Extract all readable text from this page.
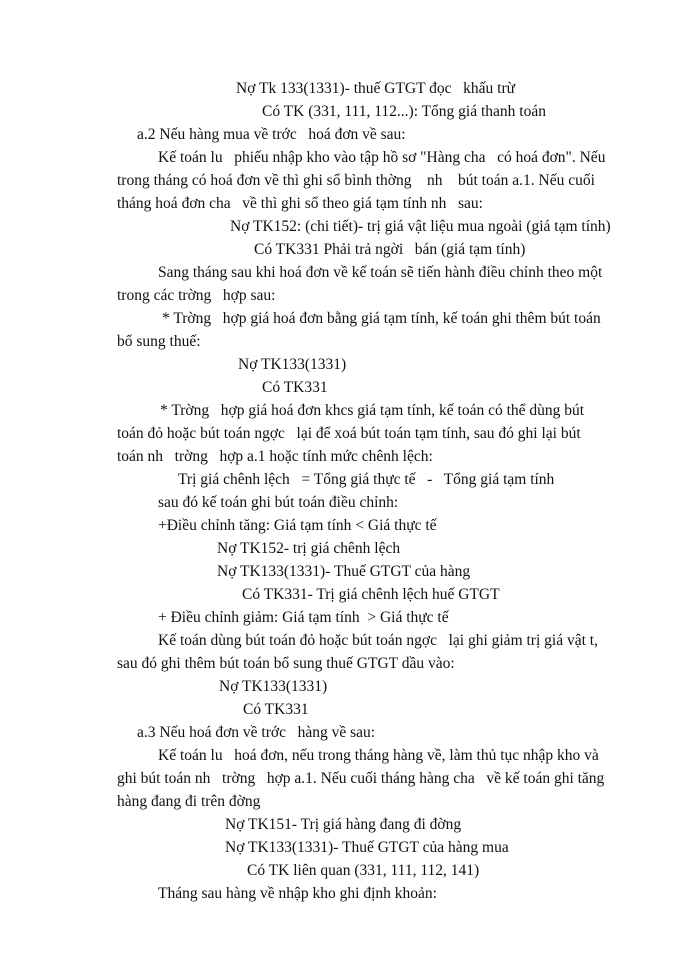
Nợ Tk 133(1331)- thuế GTGT đọc   khấu trừ
Có TK (331, 111, 112...): Tổng giá thanh toán
a.2 Nếu hàng mua về trớc   hoá đơn về sau:
Kế toán lu   phiếu nhập kho vào tập hồ sơ "Hàng cha   có hoá đơn". Nếu
trong tháng có hoá đơn về thì ghi sổ bình thờng    nh    bút toán a.1. Nếu cuối
tháng hoá đơn cha   về thì ghi sổ theo giá tạm tính nh   sau:
Nợ TK152: (chi tiết)- trị giá vật liệu mua ngoài (giá tạm tính)
Có TK331 Phải trả ngời   bán (giá tạm tính)
Sang tháng sau khi hoá đơn về kế toán sẽ tiến hành điều chỉnh theo một
trong các trờng   hợp sau:
* Trờng   hợp giá hoá đơn bằng giá tạm tính, kế toán ghi thêm bút toán
bổ sung thuế:
Nợ TK133(1331)
Có TK331
* Trờng   hợp giá hoá đơn khcs giá tạm tính, kế toán có thể dùng bút
toán đỏ hoặc bút toán ngợc   lại để xoá bút toán tạm tính, sau đó ghi lại bút
toán nh   trờng   hợp a.1 hoặc tính mức chênh lệch:
Trị giá chênh lệch   = Tổng giá thực tế   -   Tổng giá tạm tính
sau đó kế toán ghi bút toán điều chỉnh:
+Điều chỉnh tăng: Giá tạm tính < Giá thực tế
Nợ TK152- trị giá chênh lệch
Nợ TK133(1331)- Thuế GTGT của hàng
Có TK331- Trị giá chênh lệch huế GTGT
+ Điều chỉnh giảm: Giá tạm tính  > Giá thực tế
Kế toán dùng bút toán đỏ hoặc bút toán ngợc   lại ghi giảm trị giá vật t,
sau đó ghi thêm bút toán bổ sung thuế GTGT dầu vào:
Nợ TK133(1331)
Có TK331
a.3 Nếu hoá đơn về trớc   hàng về sau:
Kế toán lu   hoá đơn, nếu trong tháng hàng về, làm thủ tục nhập kho và
ghi bút toán nh   trờng   hợp a.1. Nếu cuối tháng hàng cha   về kế toán ghi tăng
hàng đang đi trên đờng
Nợ TK151- Trị giá hàng đang đi đờng
Nợ TK133(1331)- Thuế GTGT của hàng mua
Có TK liên quan (331, 111, 112, 141)
Tháng sau hàng về nhập kho ghi định khoản:
